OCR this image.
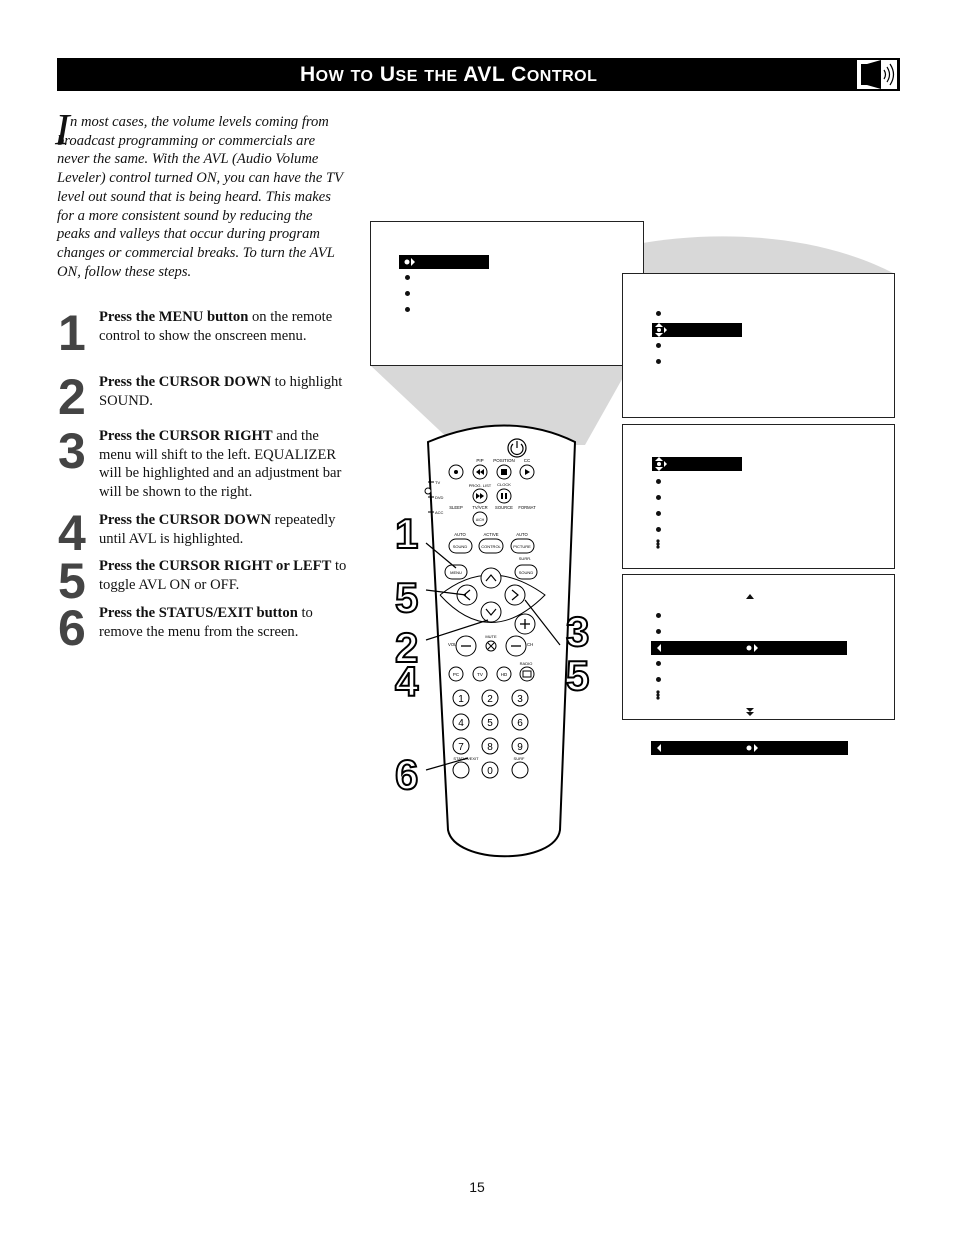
HOW TO USE THE AVL CONTROL
I n most cases, the volume levels coming from broadcast programming or commercials are never the same. With the AVL (Audio Volume Leveler) control turned ON, you can have the TV level out sound that is being heard. This makes for a more consistent sound by reducing the peaks and valleys that occur during program changes or commercial breaks. To turn the AVL ON, follow these steps.
1 Press the MENU button on the remote control to show the onscreen menu.
2 Press the CURSOR DOWN to highlight SOUND.
3 Press the CURSOR RIGHT and the menu will shift to the left. EQUALIZER will be highlighted and an adjustment bar will be shown to the right.
4 Press the CURSOR DOWN repeatedly until AVL is highlighted.
5 Press the CURSOR RIGHT or LEFT to toggle AVL ON or OFF.
6 Press the STATUS/EXIT button to remove the menu from the screen.
PIP POSITION CC
TV
DVD
ACC
PROG. LIST CLOCK
SLEEP TV/VCR SOURCE FORMAT
A/CH
AUTO	ACTIVE	AUTO
SOUND	CONTROL	PICTURE
SURR.
MENU	SOUND
MUTE
VOL	CH
RADIO
PC	TV	HD
1 2 3
4 5 6
7 8 9
0
STATUS/EXIT	SURF
1
5
2
4
6
3
5
15
